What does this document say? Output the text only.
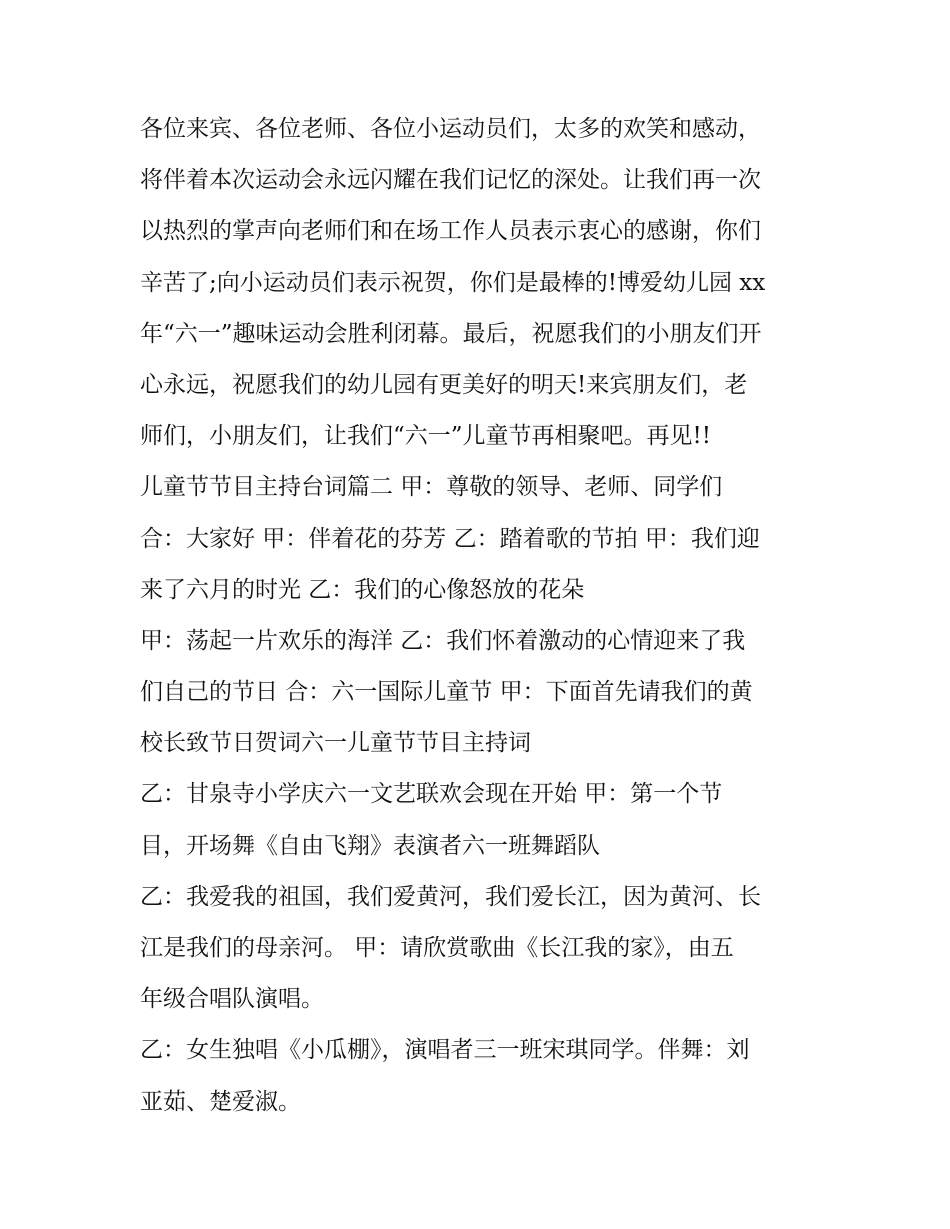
各位来宾、各位老师、各位小运动员们，太多的欢笑和感动，
将伴着本次运动会永远闪耀在我们记忆的深处。让我们再一次
以热烈的掌声向老师们和在场工作人员表示衷心的感谢，你们
辛苦了;向小运动员们表示祝贺，你们是最棒的!博爱幼儿园 xx
年“六一”趣味运动会胜利闭幕。最后，祝愿我们的小朋友们开
心永远，祝愿我们的幼儿园有更美好的明天!来宾朋友们，老
师们，小朋友们，让我们“六一”儿童节再相聚吧。再见!!
儿童节节目主持台词篇二 甲：尊敬的领导、老师、同学们
合：大家好 甲：伴着花的芬芳 乙：踏着歌的节拍 甲：我们迎
来了六月的时光 乙：我们的心像怒放的花朵
甲：荡起一片欢乐的海洋 乙：我们怀着激动的心情迎来了我
们自己的节日 合：六一国际儿童节 甲：下面首先请我们的黄
校长致节日贺词六一儿童节节目主持词
乙：甘泉寺小学庆六一文艺联欢会现在开始 甲：第一个节
目，开场舞《自由飞翔》表演者六一班舞蹈队
乙：我爱我的祖国，我们爱黄河，我们爱长江，因为黄河、长
江是我们的母亲河。 甲：请欣赏歌曲《长江我的家》，由五
年级合唱队演唱。
乙：女生独唱《小瓜棚》，演唱者三一班宋琪同学。伴舞：刘
亚茹、楚爱淑。
